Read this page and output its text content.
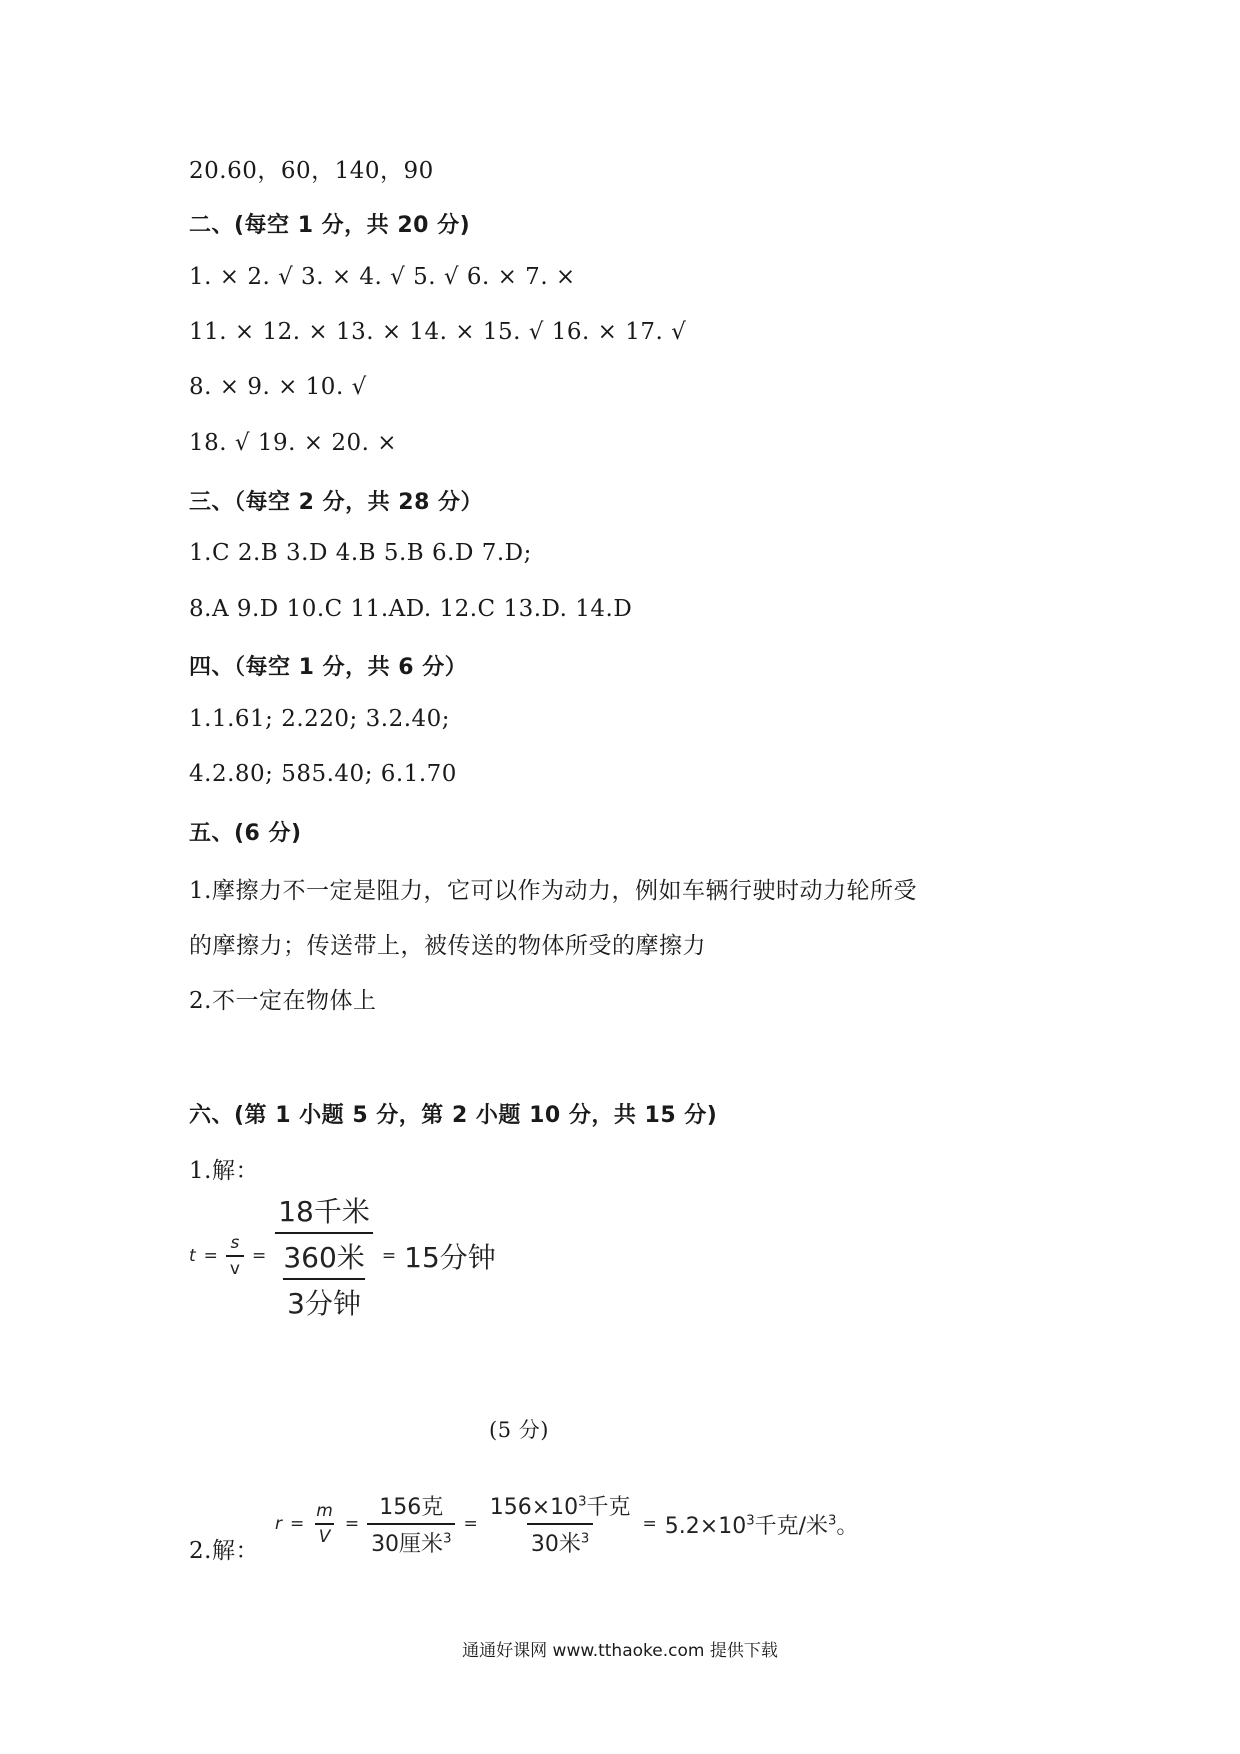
20.60，60，140，90
二、(每空 1 分，共 20 分)
1. × 2. √ 3. × 4. √ 5. √ 6. × 7. ×
11. × 12. × 13. × 14. × 15. √ 16. × 17. √
8. × 9. × 10. √
18. √ 19. × 20. ×
三、（每空 2 分，共 28 分）
1.C 2.B 3.D 4.B 5.B 6.D 7.D;
8.A 9.D 10.C 11.AD. 12.C 13.D. 14.D
四、（每空 1 分，共 6 分）
1.1.61; 2.220; 3.2.40;
4.2.80; 585.40; 6.1.70
五、(6 分)
1.摩擦力不一定是阻力，它可以作为动力，例如车辆行驶时动力轮所受
的摩擦力；传送带上，被传送的物体所受的摩擦力
2.不一定在物体上
六、(第 1 小题 5 分，第 2 小题 10 分，共 15 分)
1.解：
$t = \frac{s}{v} = \frac{\text{18千米}}{\frac{\text{360米}}{\text{3分钟}}} = 15$分钟
(5 分)
2.解：
$r = \frac{m}{V} = \frac{\text{156克}}{30厘米^3} = \frac{156\times 10^3千克}{30米^3} = 5.2\times 10^3$千克/米$^3$。
通通好课网 www.tthaoke.com 提供下载
